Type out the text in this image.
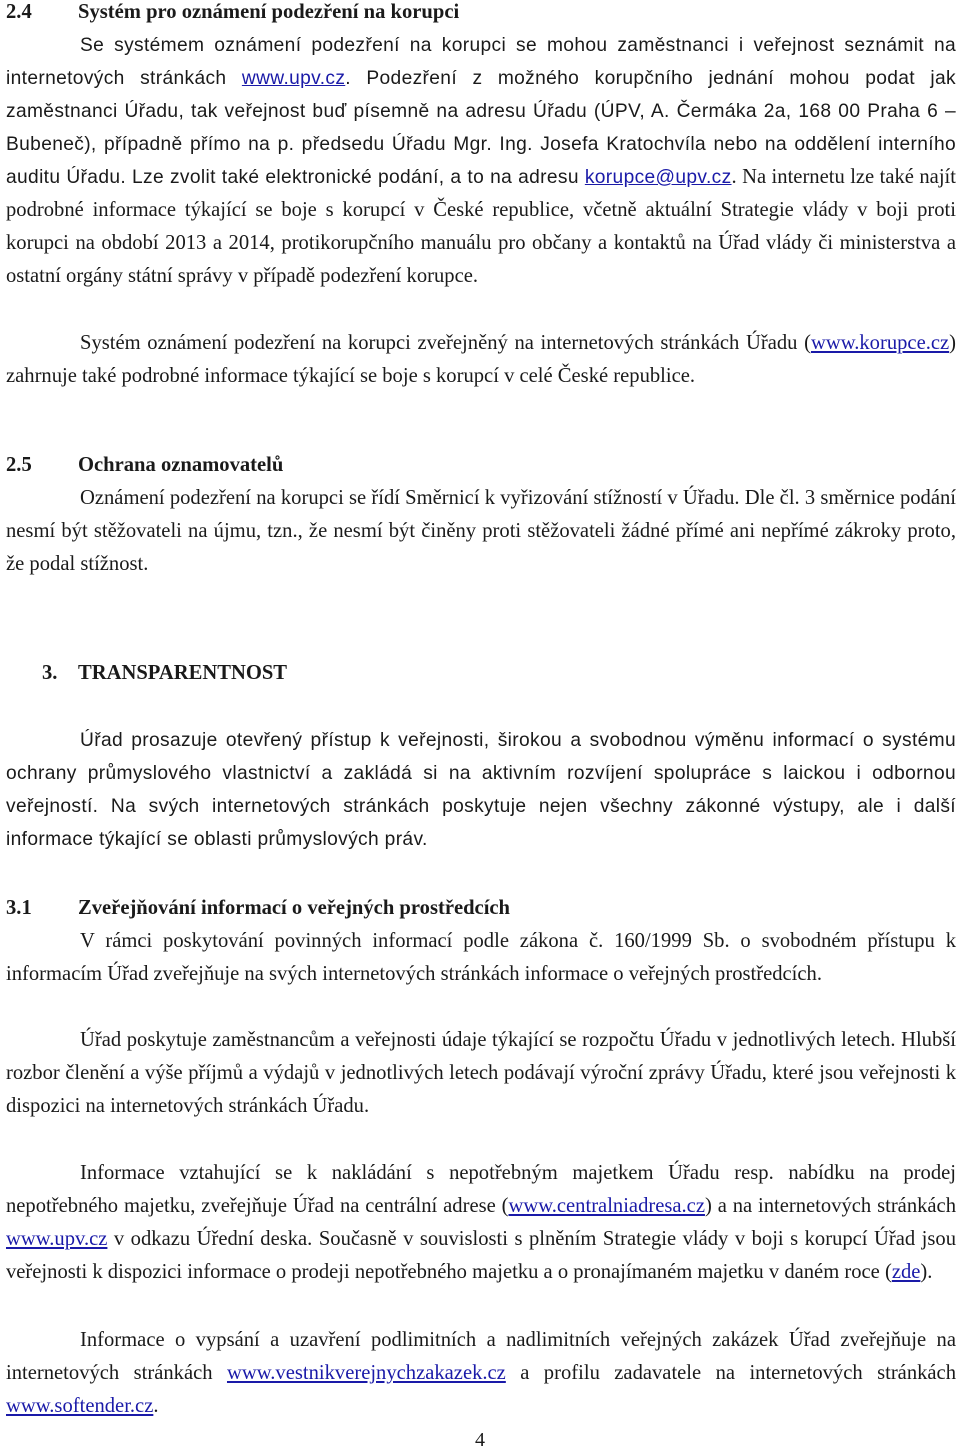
2.4 Systém pro oznámení podezření na korupci

Se systémem oznámení podezření na korupci se mohou zaměstnanci i veřejnost seznámit na internetových stránkách www.upv.cz. Podezření z možného korupčního jednání mohou podat jak zaměstnanci Úřadu, tak veřejnost buď písemně na adresu Úřadu (ÚPV, A. Čermáka 2a, 168 00 Praha 6 – Bubeneč), případně přímo na p. předsedu Úřadu Mgr. Ing. Josefa Kratochvíla nebo na oddělení interního auditu Úřadu. Lze zvolit také elektronické podání, a to na adresu korupce@upv.cz. Na internetu lze také najít podrobné informace týkající se boje s korupcí v České republice, včetně aktuální Strategie vlády v boji proti korupci na období 2013 a 2014, protikorupčního manuálu pro občany a kontaktů na Úřad vlády či ministerstva a ostatní orgány státní správy v případě podezření korupce.

Systém oznámení podezření na korupci zveřejněný na internetových stránkách Úřadu (www.korupce.cz) zahrnuje také podrobné informace týkající se boje s korupcí v celé České republice.

2.5 Ochrana oznamovatelů

Oznámení podezření na korupci se řídí Směrnicí k vyřizování stížností v Úřadu. Dle čl. 3 směrnice podání nesmí být stěžovateli na újmu, tzn., že nesmí být činěny proti stěžovateli žádné přímé ani nepřímé zákroky proto, že podal stížnost.

3. TRANSPARENTNOST

Úřad prosazuje otevřený přístup k veřejnosti, širokou a svobodnou výměnu informací o systému ochrany průmyslového vlastnictví a zakládá si na aktivním rozvíjení spolupráce s laickou i odbornou veřejností. Na svých internetových stránkách poskytuje nejen všechny zákonné výstupy, ale i další informace týkající se oblasti průmyslových práv.

3.1 Zveřejňování informací o veřejných prostředcích

V rámci poskytování povinných informací podle zákona č. 160/1999 Sb. o svobodném přístupu k informacím Úřad zveřejňuje na svých internetových stránkách informace o veřejných prostředcích.

Úřad poskytuje zaměstnancům a veřejnosti údaje týkající se rozpočtu Úřadu v jednotlivých letech. Hlubší rozbor členění a výše příjmů a výdajů v jednotlivých letech podávají výroční zprávy Úřadu, které jsou veřejnosti k dispozici na internetových stránkách Úřadu.

Informace vztahující se k nakládání s nepotřebným majetkem Úřadu resp. nabídku na prodej nepotřebného majetku, zveřejňuje Úřad na centrální adrese (www.centralniadresa.cz) a na internetových stránkách www.upv.cz v odkazu Úřední deska. Současně v souvislosti s plněním Strategie vlády v boji s korupcí Úřad jsou veřejnosti k dispozici informace o prodeji nepotřebného majetku a o pronajímaném majetku v daném roce (zde).

Informace o vypsání a uzavření podlimitních a nadlimitních veřejných zakázek Úřad zveřejňuje na internetových stránkách www.vestnikverejnychzakazek.cz a profilu zadavatele na internetových stránkách www.softender.cz.

4
